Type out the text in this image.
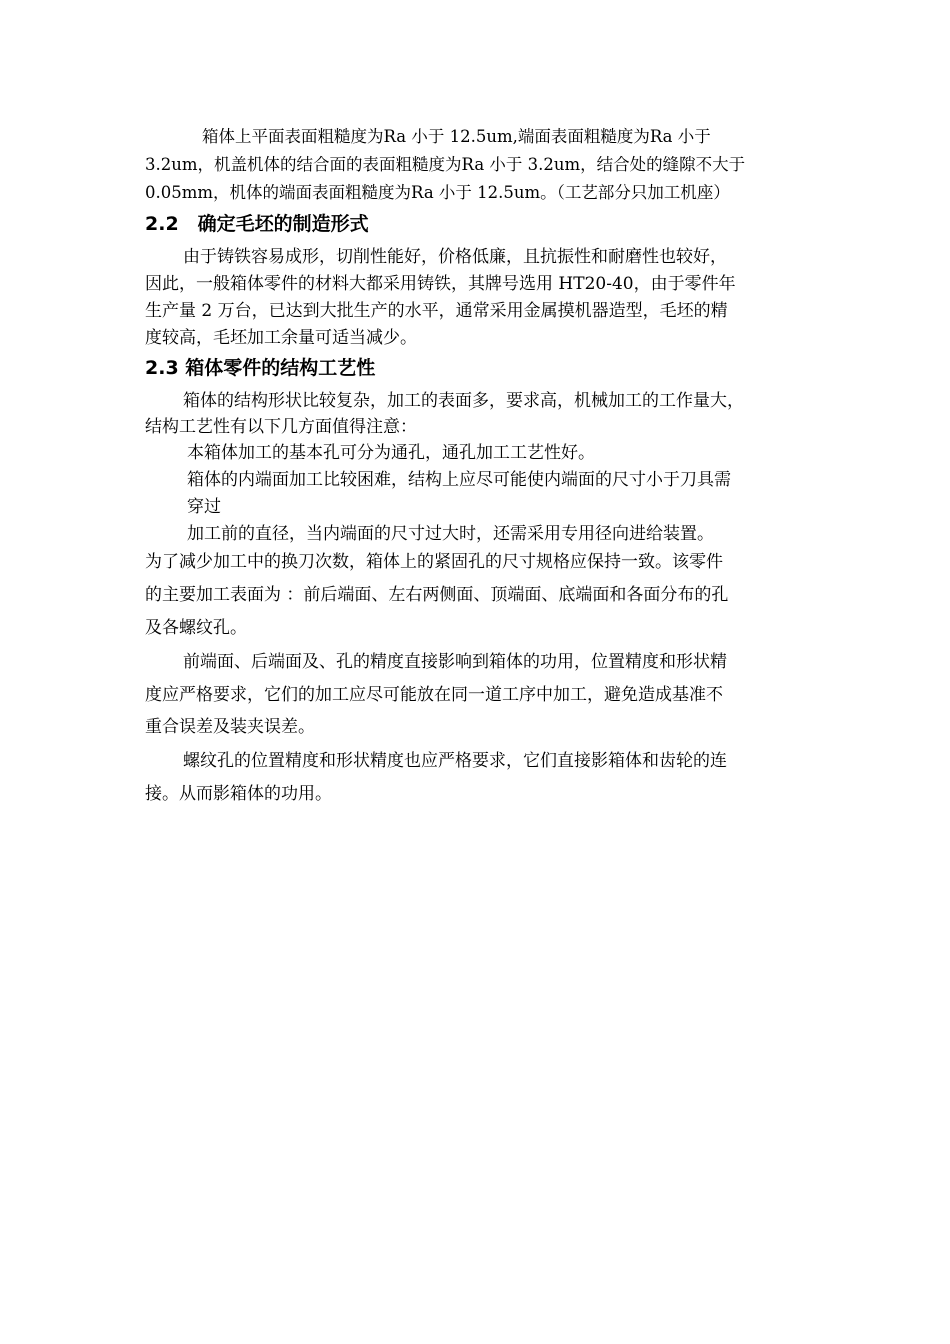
箱体上平面表面粗糙度为Ra 小于 12.5um,端面表面粗糙度为Ra 小于
3.2um，机盖机体的结合面的表面粗糙度为Ra 小于 3.2um，结合处的缝隙不大于
0.05mm，机体的端面表面粗糙度为Ra 小于 12.5um。（工艺部分只加工机座）
2.2　确定毛坯的制造形式
由于铸铁容易成形，切削性能好，价格低廉，且抗振性和耐磨性也较好，
因此，一般箱体零件的材料大都采用铸铁，其牌号选用 HT20-40，由于零件年
生产量 2 万台，已达到大批生产的水平，通常采用金属摸机器造型，毛坯的精
度较高，毛坯加工余量可适当减少。
2.3 箱体零件的结构工艺性
箱体的结构形状比较复杂，加工的表面多，要求高，机械加工的工作量大，
结构工艺性有以下几方面值得注意：
本箱体加工的基本孔可分为通孔，通孔加工工艺性好。
箱体的内端面加工比较困难，结构上应尽可能使内端面的尺寸小于刀具需
穿过
加工前的直径，当内端面的尺寸过大时，还需采用专用径向进给装置。
为了减少加工中的换刀次数，箱体上的紧固孔的尺寸规格应保持一致。该零件
的主要加工表面为 ：前后端面、左右两侧面、顶端面、底端面和各面分布的孔
及各螺纹孔。
前端面、后端面及、孔的精度直接影响到箱体的功用，位置精度和形状精
度应严格要求，它们的加工应尽可能放在同一道工序中加工，避免造成基准不
重合误差及装夹误差。
螺纹孔的位置精度和形状精度也应严格要求，它们直接影箱体和齿轮的连
接。从而影箱体的功用。
